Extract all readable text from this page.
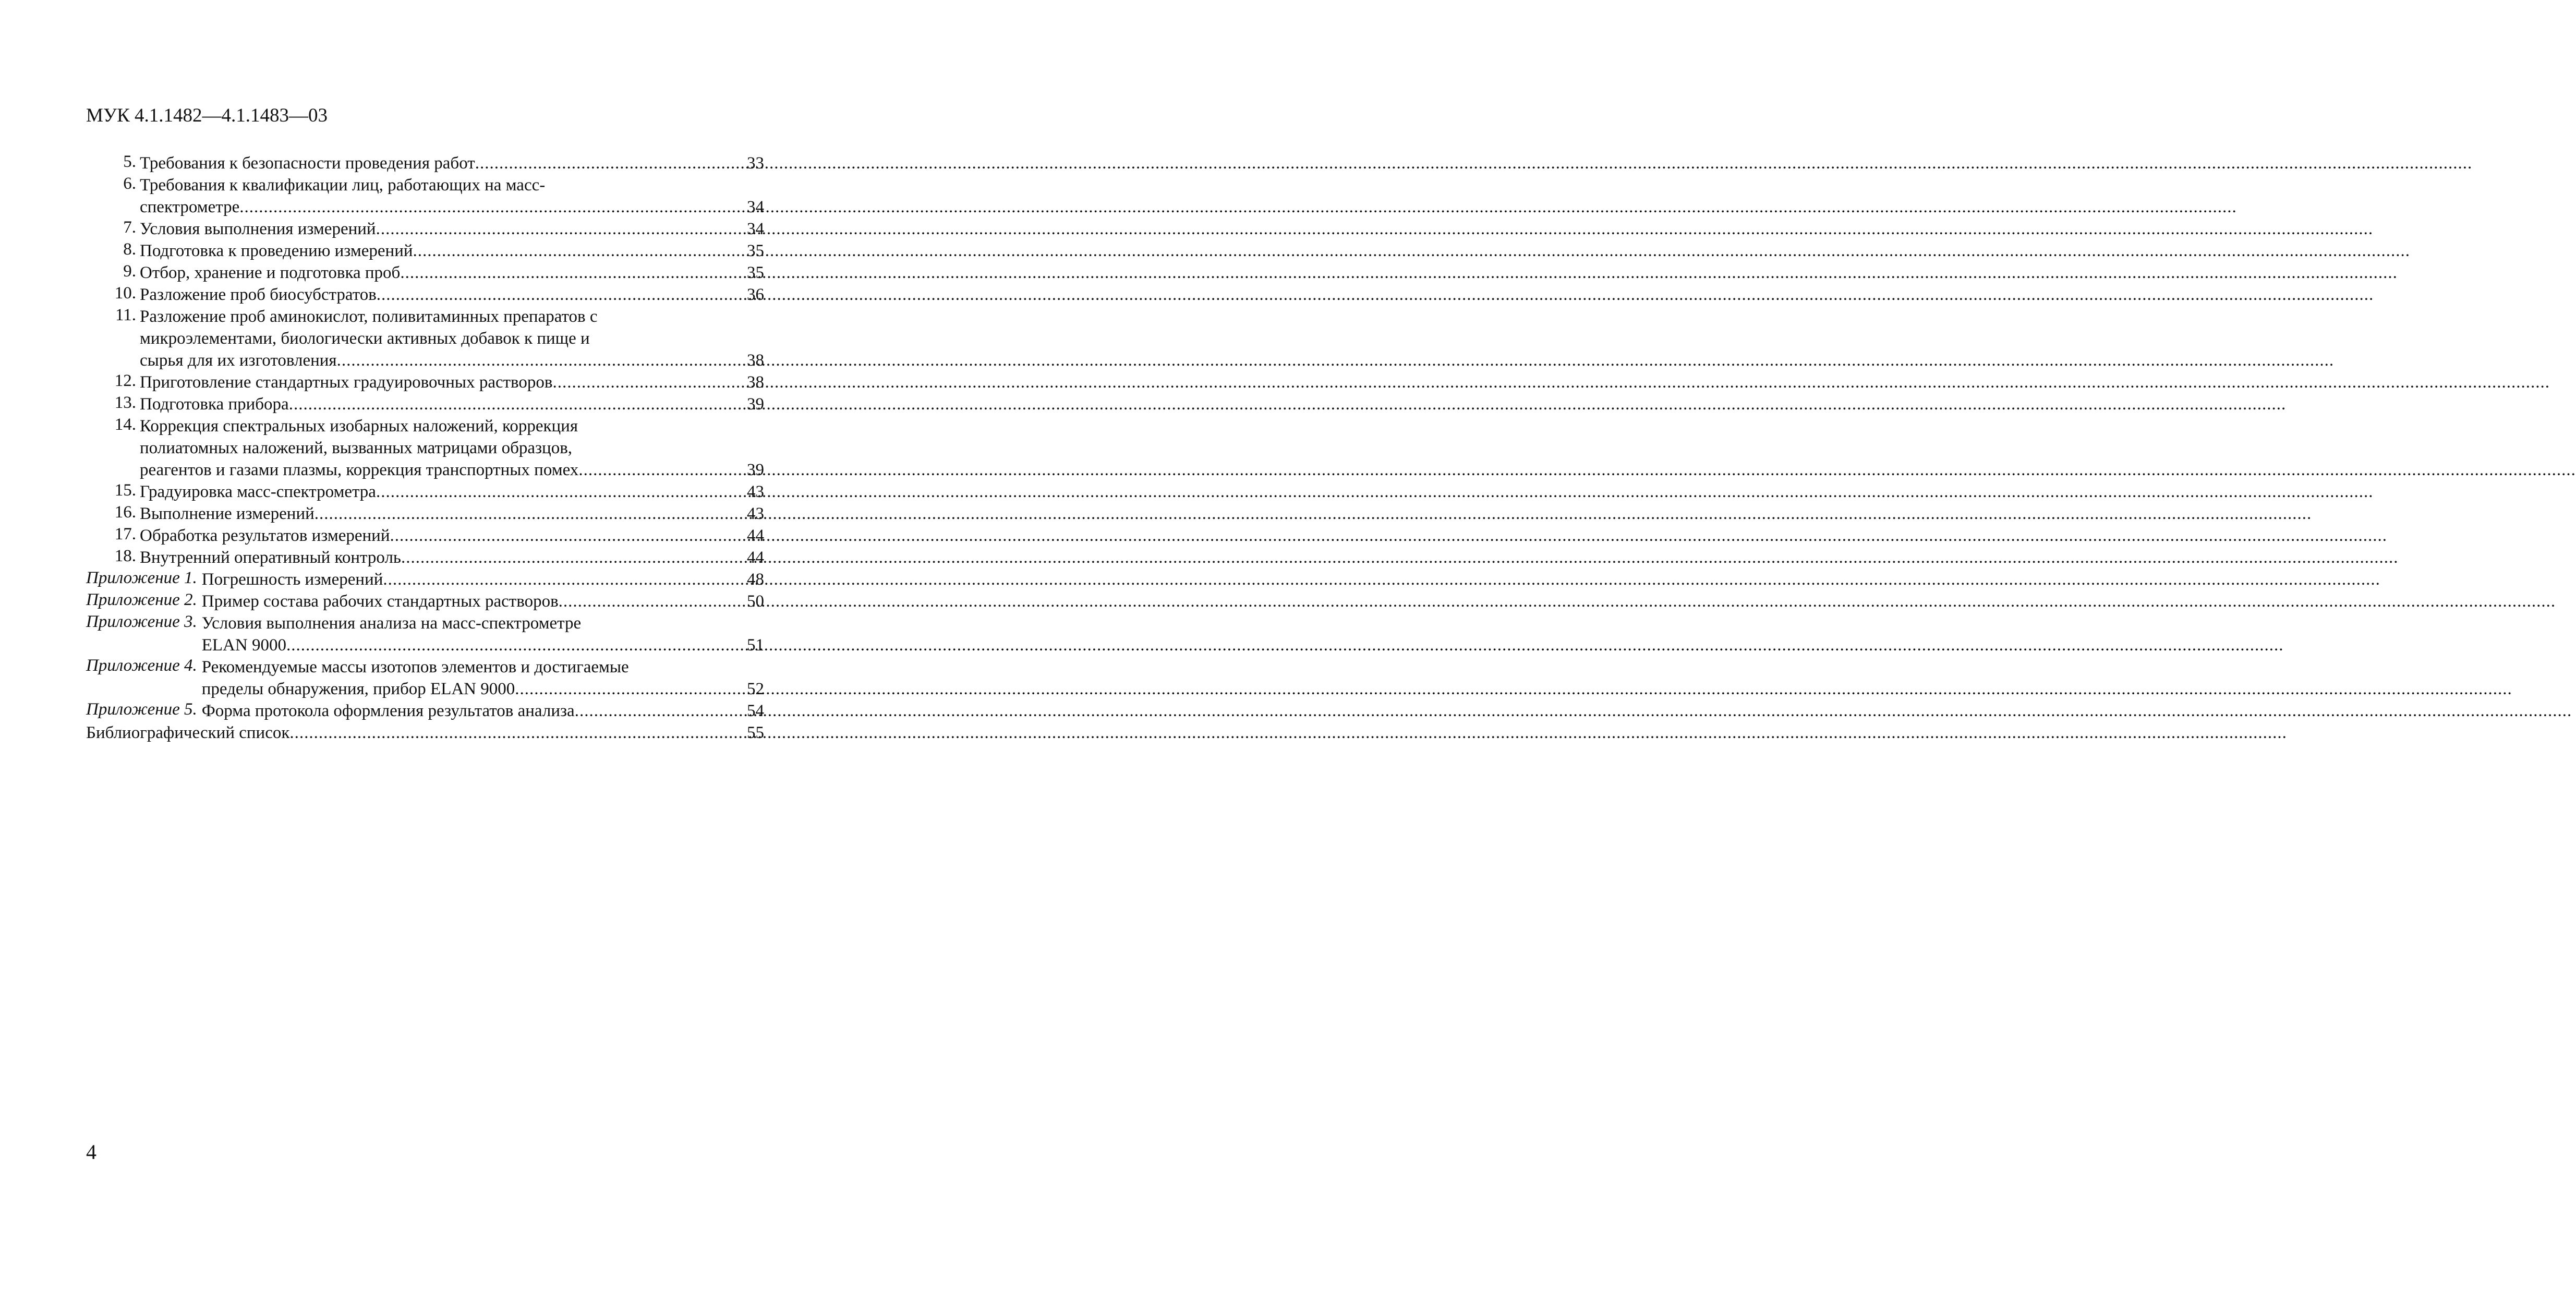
МУК 4.1.1482—4.1.1483—03
5. Требования к безопасности проведения работ .....	33
6. Требования к квалификации лиц, работающих на масс-
спектрометре .....	34
7. Условия выполнения измерений .....	34
8. Подготовка к проведению измерений .....	35
9. Отбор, хранение и подготовка проб .....	35
10. Разложение проб биосубстратов .....	36
11. Разложение проб аминокислот, поливитаминных препаратов с
микроэлементами, биологически активных добавок к пище и
сырья для их изготовления .....	38
12. Приготовление стандартных градуировочных растворов .....	38
13. Подготовка прибора .....	39
14. Коррекция спектральных изобарных наложений, коррекция
полиатомных наложений, вызванных матрицами образцов,
реагентов и газами плазмы, коррекция транспортных помех .....	39
15. Градуировка масс-спектрометра .....	43
16. Выполнение измерений .....	43
17. Обработка результатов измерений .....	44
18. Внутренний оперативный контроль .....	44
Приложение 1. Погрешность измерений .....	48
Приложение 2. Пример состава рабочих стандартных растворов .....	50
Приложение 3. Условия выполнения анализа на масс-спектрометре
ELAN 9000 .....	51
Приложение 4. Рекомендуемые массы изотопов элементов и достигаемые
пределы обнаружения, прибор ELAN 9000 .....	52
Приложение 5. Форма протокола оформления результатов анализа .....	54
Библиографический список .....	55
4
